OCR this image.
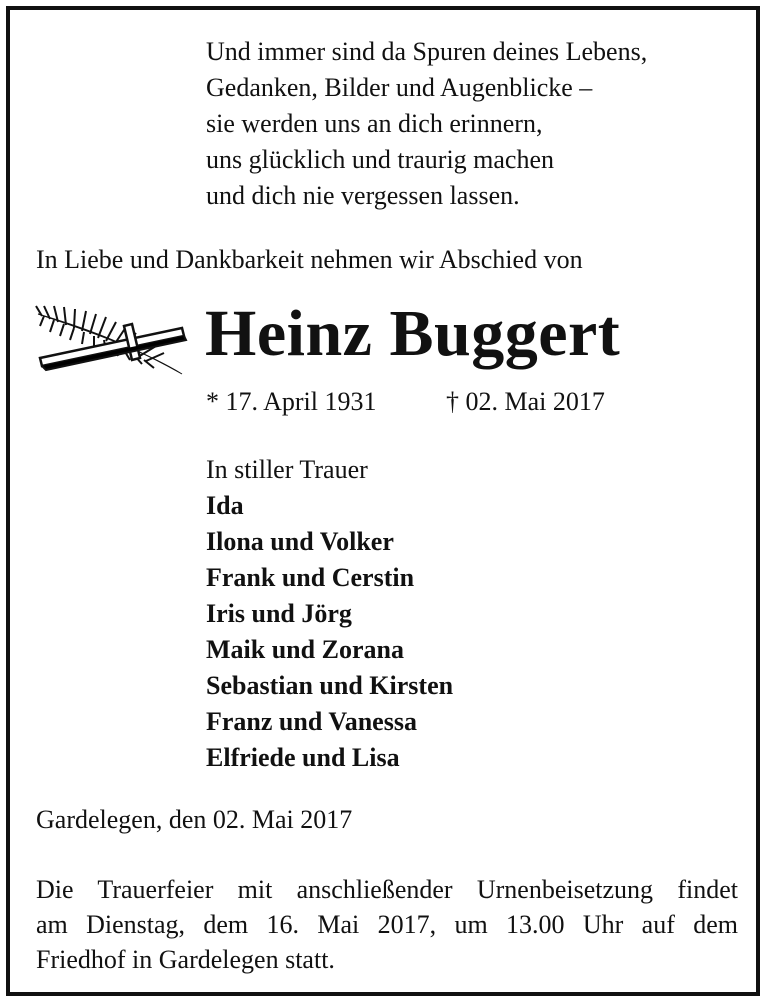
Und immer sind da Spuren deines Lebens,
Gedanken, Bilder und Augenblicke –
sie werden uns an dich erinnern,
uns glücklich und traurig machen
und dich nie vergessen lassen.
In Liebe und Dankbarkeit nehmen wir Abschied von
Heinz Buggert
* 17. April 1931	† 02. Mai 2017
In stiller Trauer
Ida
Ilona und Volker
Frank und Cerstin
Iris und Jörg
Maik und Zorana
Sebastian und Kirsten
Franz und Vanessa
Elfriede und Lisa
Gardelegen, den 02. Mai 2017
Die Trauerfeier mit anschließender Urnenbeisetzung findet
am Dienstag, dem 16. Mai 2017, um 13.00 Uhr auf dem
Friedhof in Gardelegen statt.
